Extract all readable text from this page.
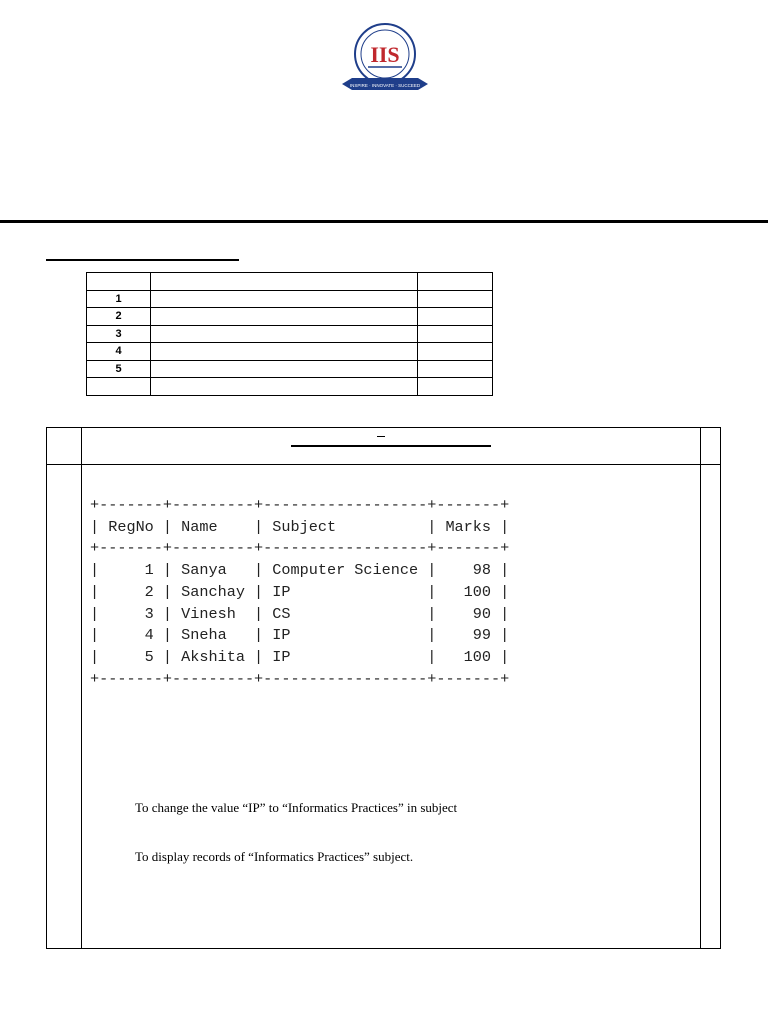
IIS
INSPIRE · INNOVATE · SUCCEED

1		
2		
3		
4		
5		

+-------+---------+------------------+-------+
| RegNo | Name    | Subject          | Marks |
+-------+---------+------------------+-------+
|     1 | Sanya   | Computer Science |    98 |
|     2 | Sanchay | IP               |   100 |
|     3 | Vinesh  | CS               |    90 |
|     4 | Sneha   | IP               |    99 |
|     5 | Akshita | IP               |   100 |
+-------+---------+------------------+-------+
To change the value “IP” to “Informatics Practices” in subject
To display records of “Informatics Practices” subject.
